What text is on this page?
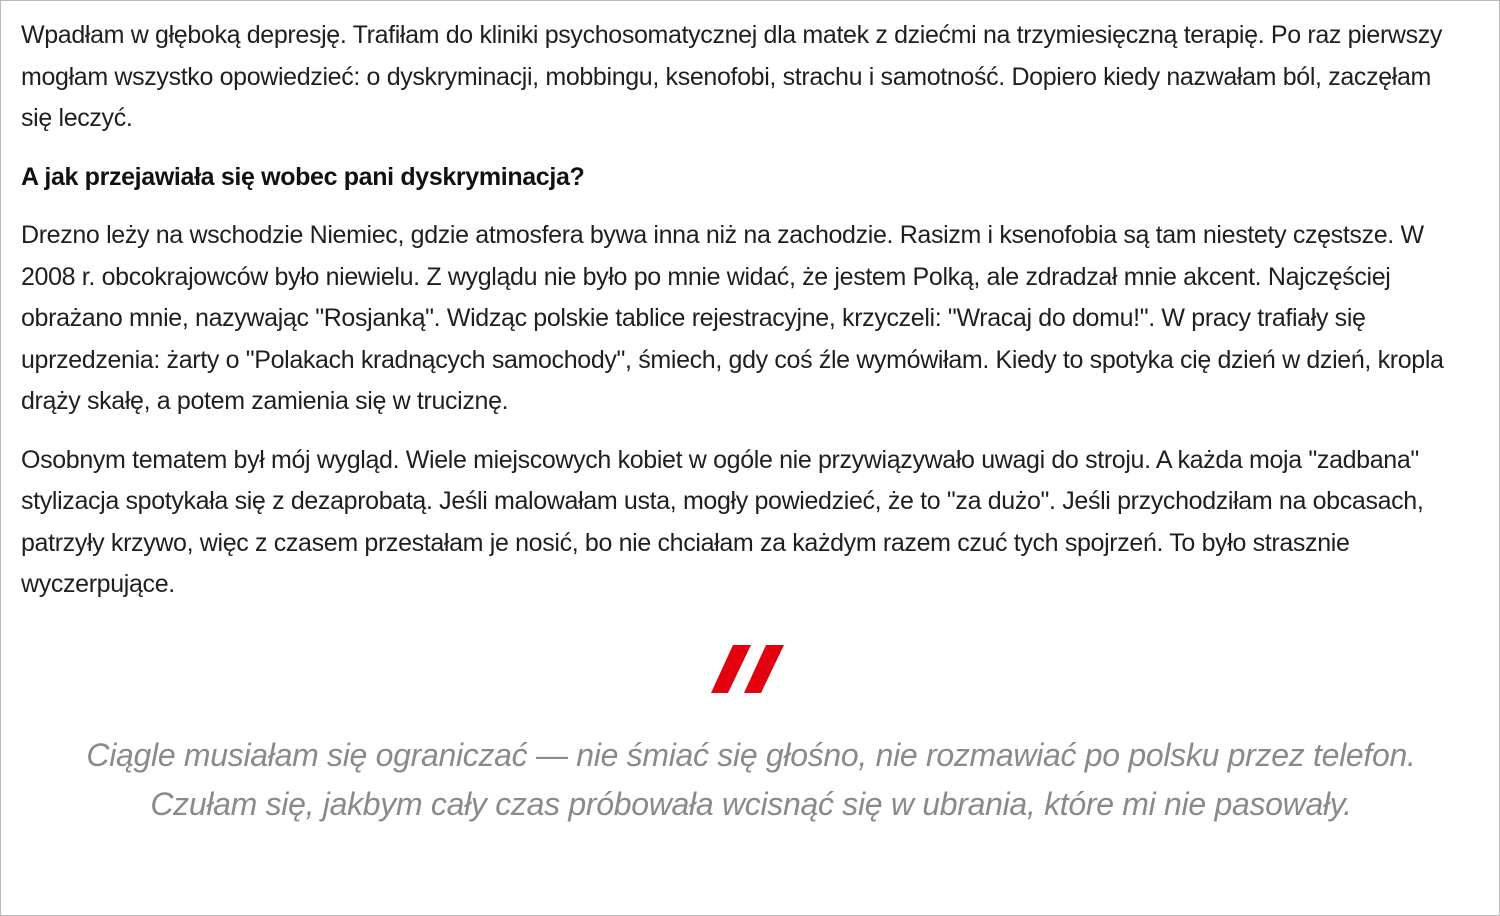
Wpadłam w głęboką depresję. Trafiłam do kliniki psychosomatycznej dla matek z dziećmi na trzymiesięczną terapię. Po raz pierwszy mogłam wszystko opowiedzieć: o dyskryminacji, mobbingu, ksenofobi, strachu i samotność. Dopiero kiedy nazwałam ból, zaczęłam się leczyć.

A jak przejawiała się wobec pani dyskryminacja?

Drezno leży na wschodzie Niemiec, gdzie atmosfera bywa inna niż na zachodzie. Rasizm i ksenofobia są tam niestety częstsze. W 2008 r. obcokrajowców było niewielu. Z wyglądu nie było po mnie widać, że jestem Polką, ale zdradzał mnie akcent. Najczęściej obrażano mnie, nazywając "Rosjanką". Widząc polskie tablice rejestracyjne, krzyczeli: "Wracaj do domu!". W pracy trafiały się uprzedzenia: żarty o "Polakach kradnących samochody", śmiech, gdy coś źle wymówiłam. Kiedy to spotyka cię dzień w dzień, kropla drąży skałę, a potem zamienia się w truciznę.

Osobnym tematem był mój wygląd. Wiele miejscowych kobiet w ogóle nie przywiązywało uwagi do stroju. A każda moja "zadbana" stylizacja spotykała się z dezaprobatą. Jeśli malowałam usta, mogły powiedzieć, że to "za dużo". Jeśli przychodziłam na obcasach, patrzyły krzywo, więc z czasem przestałam je nosić, bo nie chciałam za każdym razem czuć tych spojrzeń. To było strasznie wyczerpujące.

Ciągle musiałam się ograniczać — nie śmiać się głośno, nie rozmawiać po polsku przez telefon. Czułam się, jakbym cały czas próbowała wcisnąć się w ubrania, które mi nie pasowały.
